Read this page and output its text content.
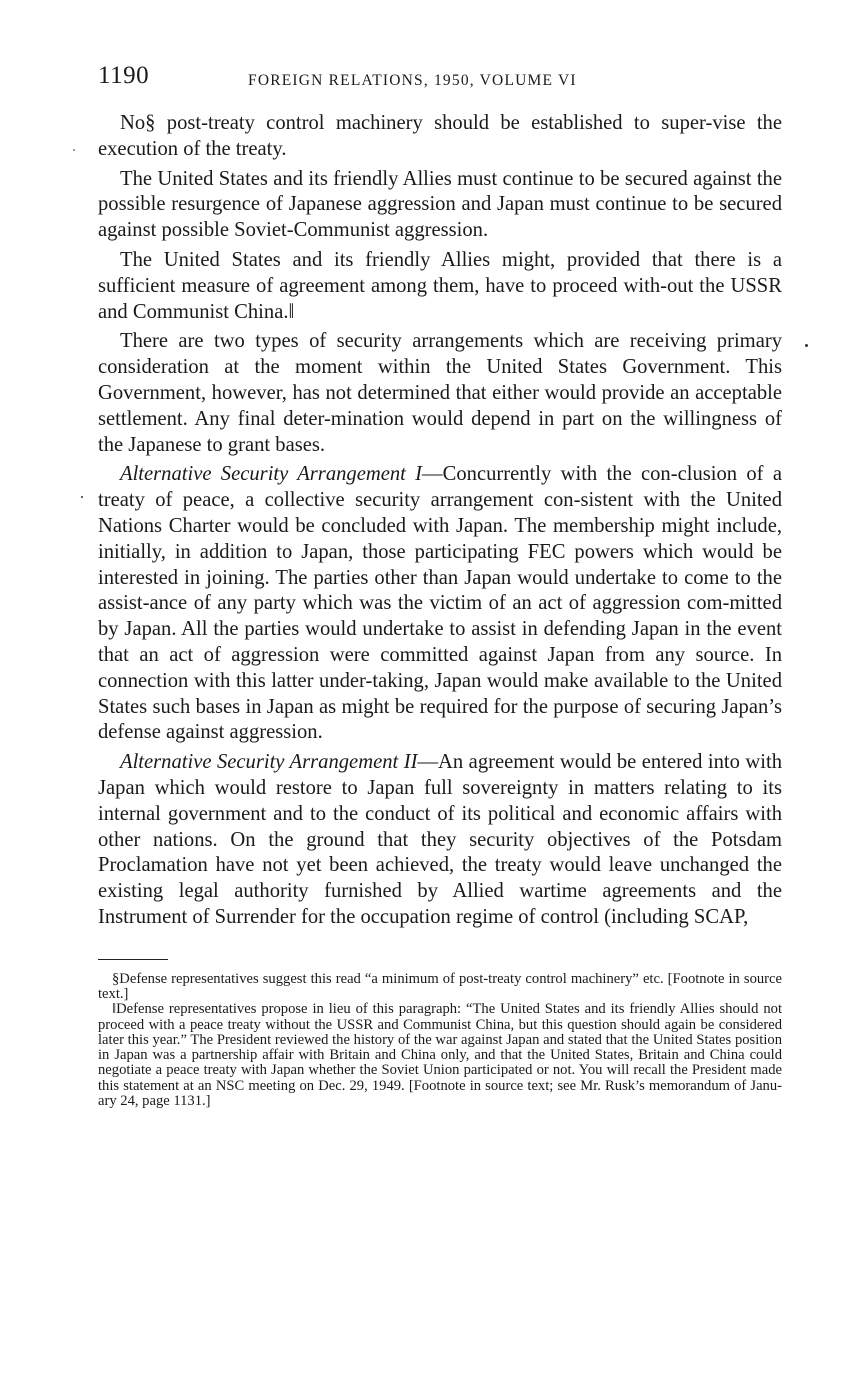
1190	FOREIGN RELATIONS, 1950, VOLUME VI

No§ post-treaty control machinery should be established to super-vise the execution of the treaty.

The United States and its friendly Allies must continue to be secured against the possible resurgence of Japanese aggression and Japan must continue to be secured against possible Soviet-Communist aggression.

The United States and its friendly Allies might, provided that there is a sufficient measure of agreement among them, have to proceed with-out the USSR and Communist China.‖

There are two types of security arrangements which are receiving primary consideration at the moment within the United States Government. This Government, however, has not determined that either would provide an acceptable settlement. Any final deter-mination would depend in part on the willingness of the Japanese to grant bases.

Alternative Security Arrangement I—Concurrently with the con-clusion of a treaty of peace, a collective security arrangement con-sistent with the United Nations Charter would be concluded with Japan. The membership might include, initially, in addition to Japan, those participating FEC powers which would be interested in joining. The parties other than Japan would undertake to come to the assist-ance of any party which was the victim of an act of aggression com-mitted by Japan. All the parties would undertake to assist in defending Japan in the event that an act of aggression were committed against Japan from any source. In connection with this latter under-taking, Japan would make available to the United States such bases in Japan as might be required for the purpose of securing Japan’s defense against aggression.

Alternative Security Arrangement II—An agreement would be entered into with Japan which would restore to Japan full sovereignty in matters relating to its internal government and to the conduct of its political and economic affairs with other nations. On the ground that they security objectives of the Potsdam Proclamation have not yet been achieved, the treaty would leave unchanged the existing legal authority furnished by Allied wartime agreements and the Instrument of Surrender for the occupation regime of control (including SCAP,

§Defense representatives suggest this read “a minimum of post-treaty control machinery” etc. [Footnote in source text.]

‖Defense representatives propose in lieu of this paragraph: “The United States and its friendly Allies should not proceed with a peace treaty without the USSR and Communist China, but this question should again be considered later this year.” The President reviewed the history of the war against Japan and stated that the United States position in Japan was a partnership affair with Britain and China only, and that the United States, Britain and China could negotiate a peace treaty with Japan whether the Soviet Union participated or not. You will recall the President made this statement at an NSC meeting on Dec. 29, 1949. [Footnote in source text; see Mr. Rusk’s memorandum of Janu-ary 24, page 1131.]
